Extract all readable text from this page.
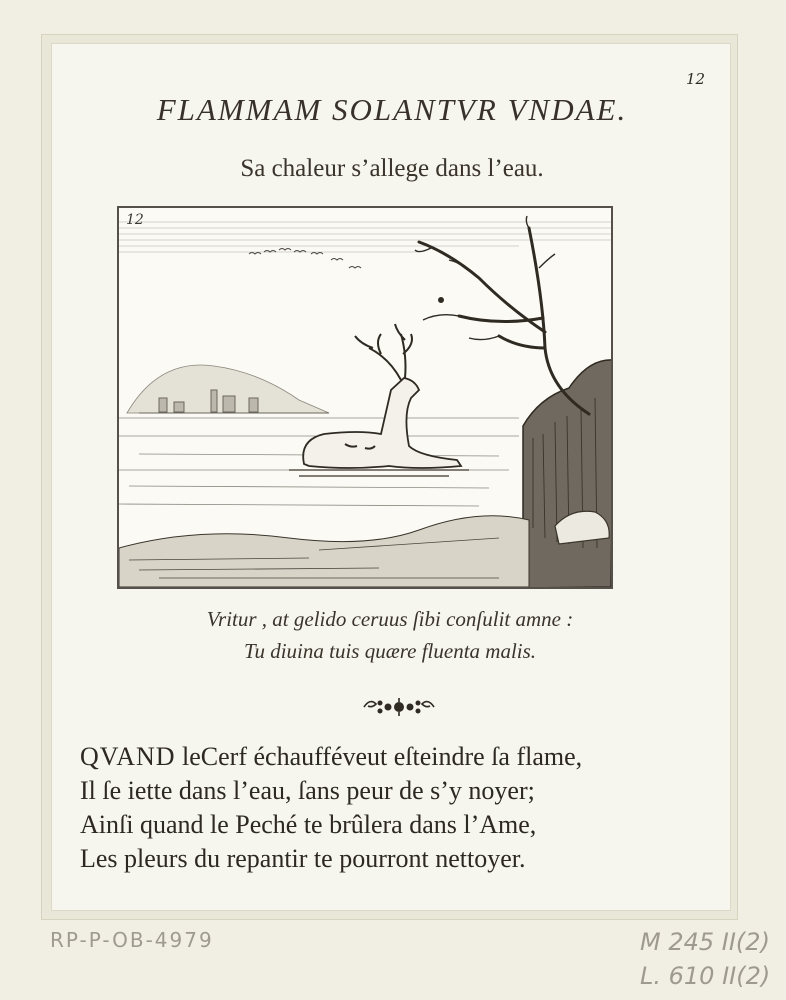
12
FLAMMAM SOLANTVR VNDAE.
Sa chaleur s’allege dans l’eau.
12
Vritur , at gelido ceruus ſibi conſulit amne :
Tu diuina tuis quære fluenta malis.
QVAND leCerf échaufféveut eſteindre ſa flame,
Il ſe iette dans l’eau, ſans peur de s’y noyer;
Ainſi quand le Peché te brûlera dans l’Ame,
Les pleurs du repantir te pourront nettoyer.
RP-P-OB-4979	M 245 II(2)
L. 610 II(2)
